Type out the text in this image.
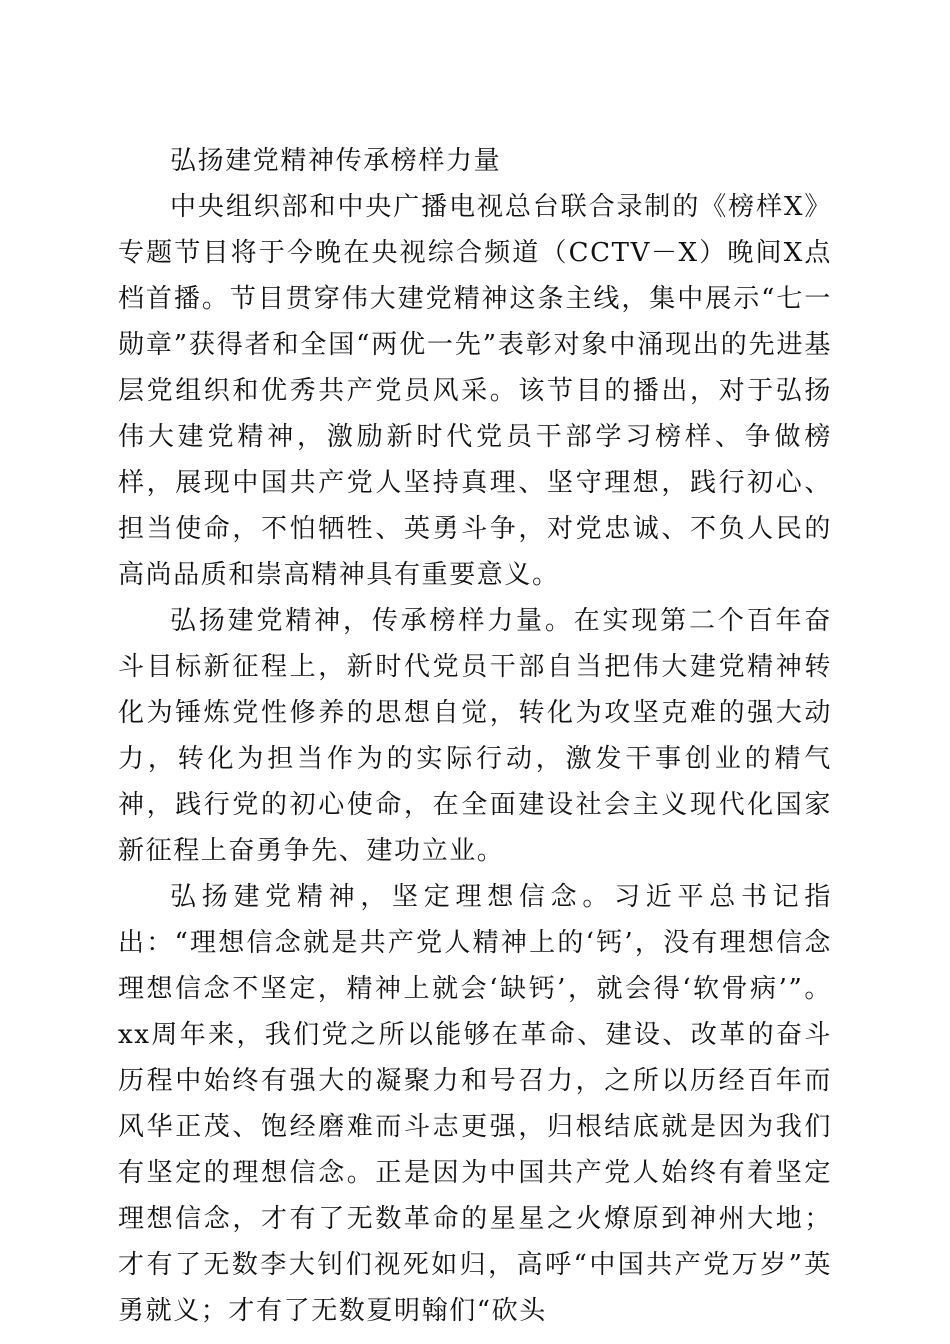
弘扬建党精神传承榜样力量

中央组织部和中央广播电视总台联合录制的《榜样X》专题节目将于今晚在央视综合频道（CCTV－X）晚间X点档首播。节目贯穿伟大建党精神这条主线，集中展示“七一勋章”获得者和全国“两优一先”表彰对象中涌现出的先进基层党组织和优秀共产党员风采。该节目的播出，对于弘扬伟大建党精神，激励新时代党员干部学习榜样、争做榜样，展现中国共产党人坚持真理、坚守理想，践行初心、担当使命，不怕牺牲、英勇斗争，对党忠诚、不负人民的高尚品质和崇高精神具有重要意义。

弘扬建党精神，传承榜样力量。在实现第二个百年奋斗目标新征程上，新时代党员干部自当把伟大建党精神转化为锤炼党性修养的思想自觉，转化为攻坚克难的强大动力，转化为担当作为的实际行动，激发干事创业的精气神，践行党的初心使命，在全面建设社会主义现代化国家新征程上奋勇争先、建功立业。

弘扬建党精神，坚定理想信念。习近平总书记指出：“理想信念就是共产党人精神上的‘钙’，没有理想信念理想信念不坚定，精神上就会‘缺钙’，就会得‘软骨病’”。xx周年来，我们党之所以能够在革命、建设、改革的奋斗历程中始终有强大的凝聚力和号召力，之所以历经百年而风华正茂、饱经磨难而斗志更强，归根结底就是因为我们有坚定的理想信念。正是因为中国共产党人始终有着坚定理想信念，才有了无数革命的星星之火燎原到神州大地；才有了无数李大钊们视死如归，高呼“中国共产党万岁”英勇就义；才有了无数夏明翰们“砍头
